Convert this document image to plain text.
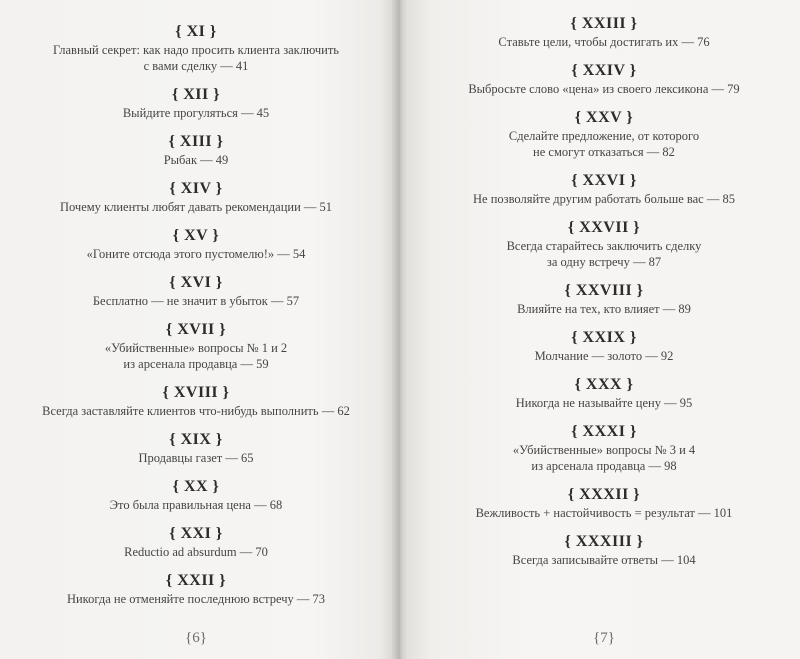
{ XI }
Главный секрет: как надо просить клиента заключить
с вами сделку — 41
{ XII }
Выйдите прогуляться — 45
{ XIII }
Рыбак — 49
{ XIV }
Почему клиенты любят давать рекомендации — 51
{ XV }
«Гоните отсюда этого пустомелю!» — 54
{ XVI }
Бесплатно — не значит в убыток — 57
{ XVII }
«Убийственные» вопросы № 1 и 2
из арсенала продавца — 59
{ XVIII }
Всегда заставляйте клиентов что-нибудь выполнить — 62
{ XIX }
Продавцы газет — 65
{ XX }
Это была правильная цена — 68
{ XXI }
Reductio ad absurdum — 70
{ XXII }
Никогда не отменяйте последнюю встречу — 73
{6}
{ XXIII }
Ставьте цели, чтобы достигать их — 76
{ XXIV }
Выбросьте слово «цена» из своего лексикона — 79
{ XXV }
Сделайте предложение, от которого
не смогут отказаться — 82
{ XXVI }
Не позволяйте другим работать больше вас — 85
{ XXVII }
Всегда старайтесь заключить сделку
за одну встречу — 87
{ XXVIII }
Влияйте на тех, кто влияет — 89
{ XXIX }
Молчание — золото — 92
{ XXX }
Никогда не называйте цену — 95
{ XXXI }
«Убийственные» вопросы № 3 и 4
из арсенала продавца — 98
{ XXXII }
Вежливость + настойчивость = результат — 101
{ XXXIII }
Всегда записывайте ответы — 104
{7}
